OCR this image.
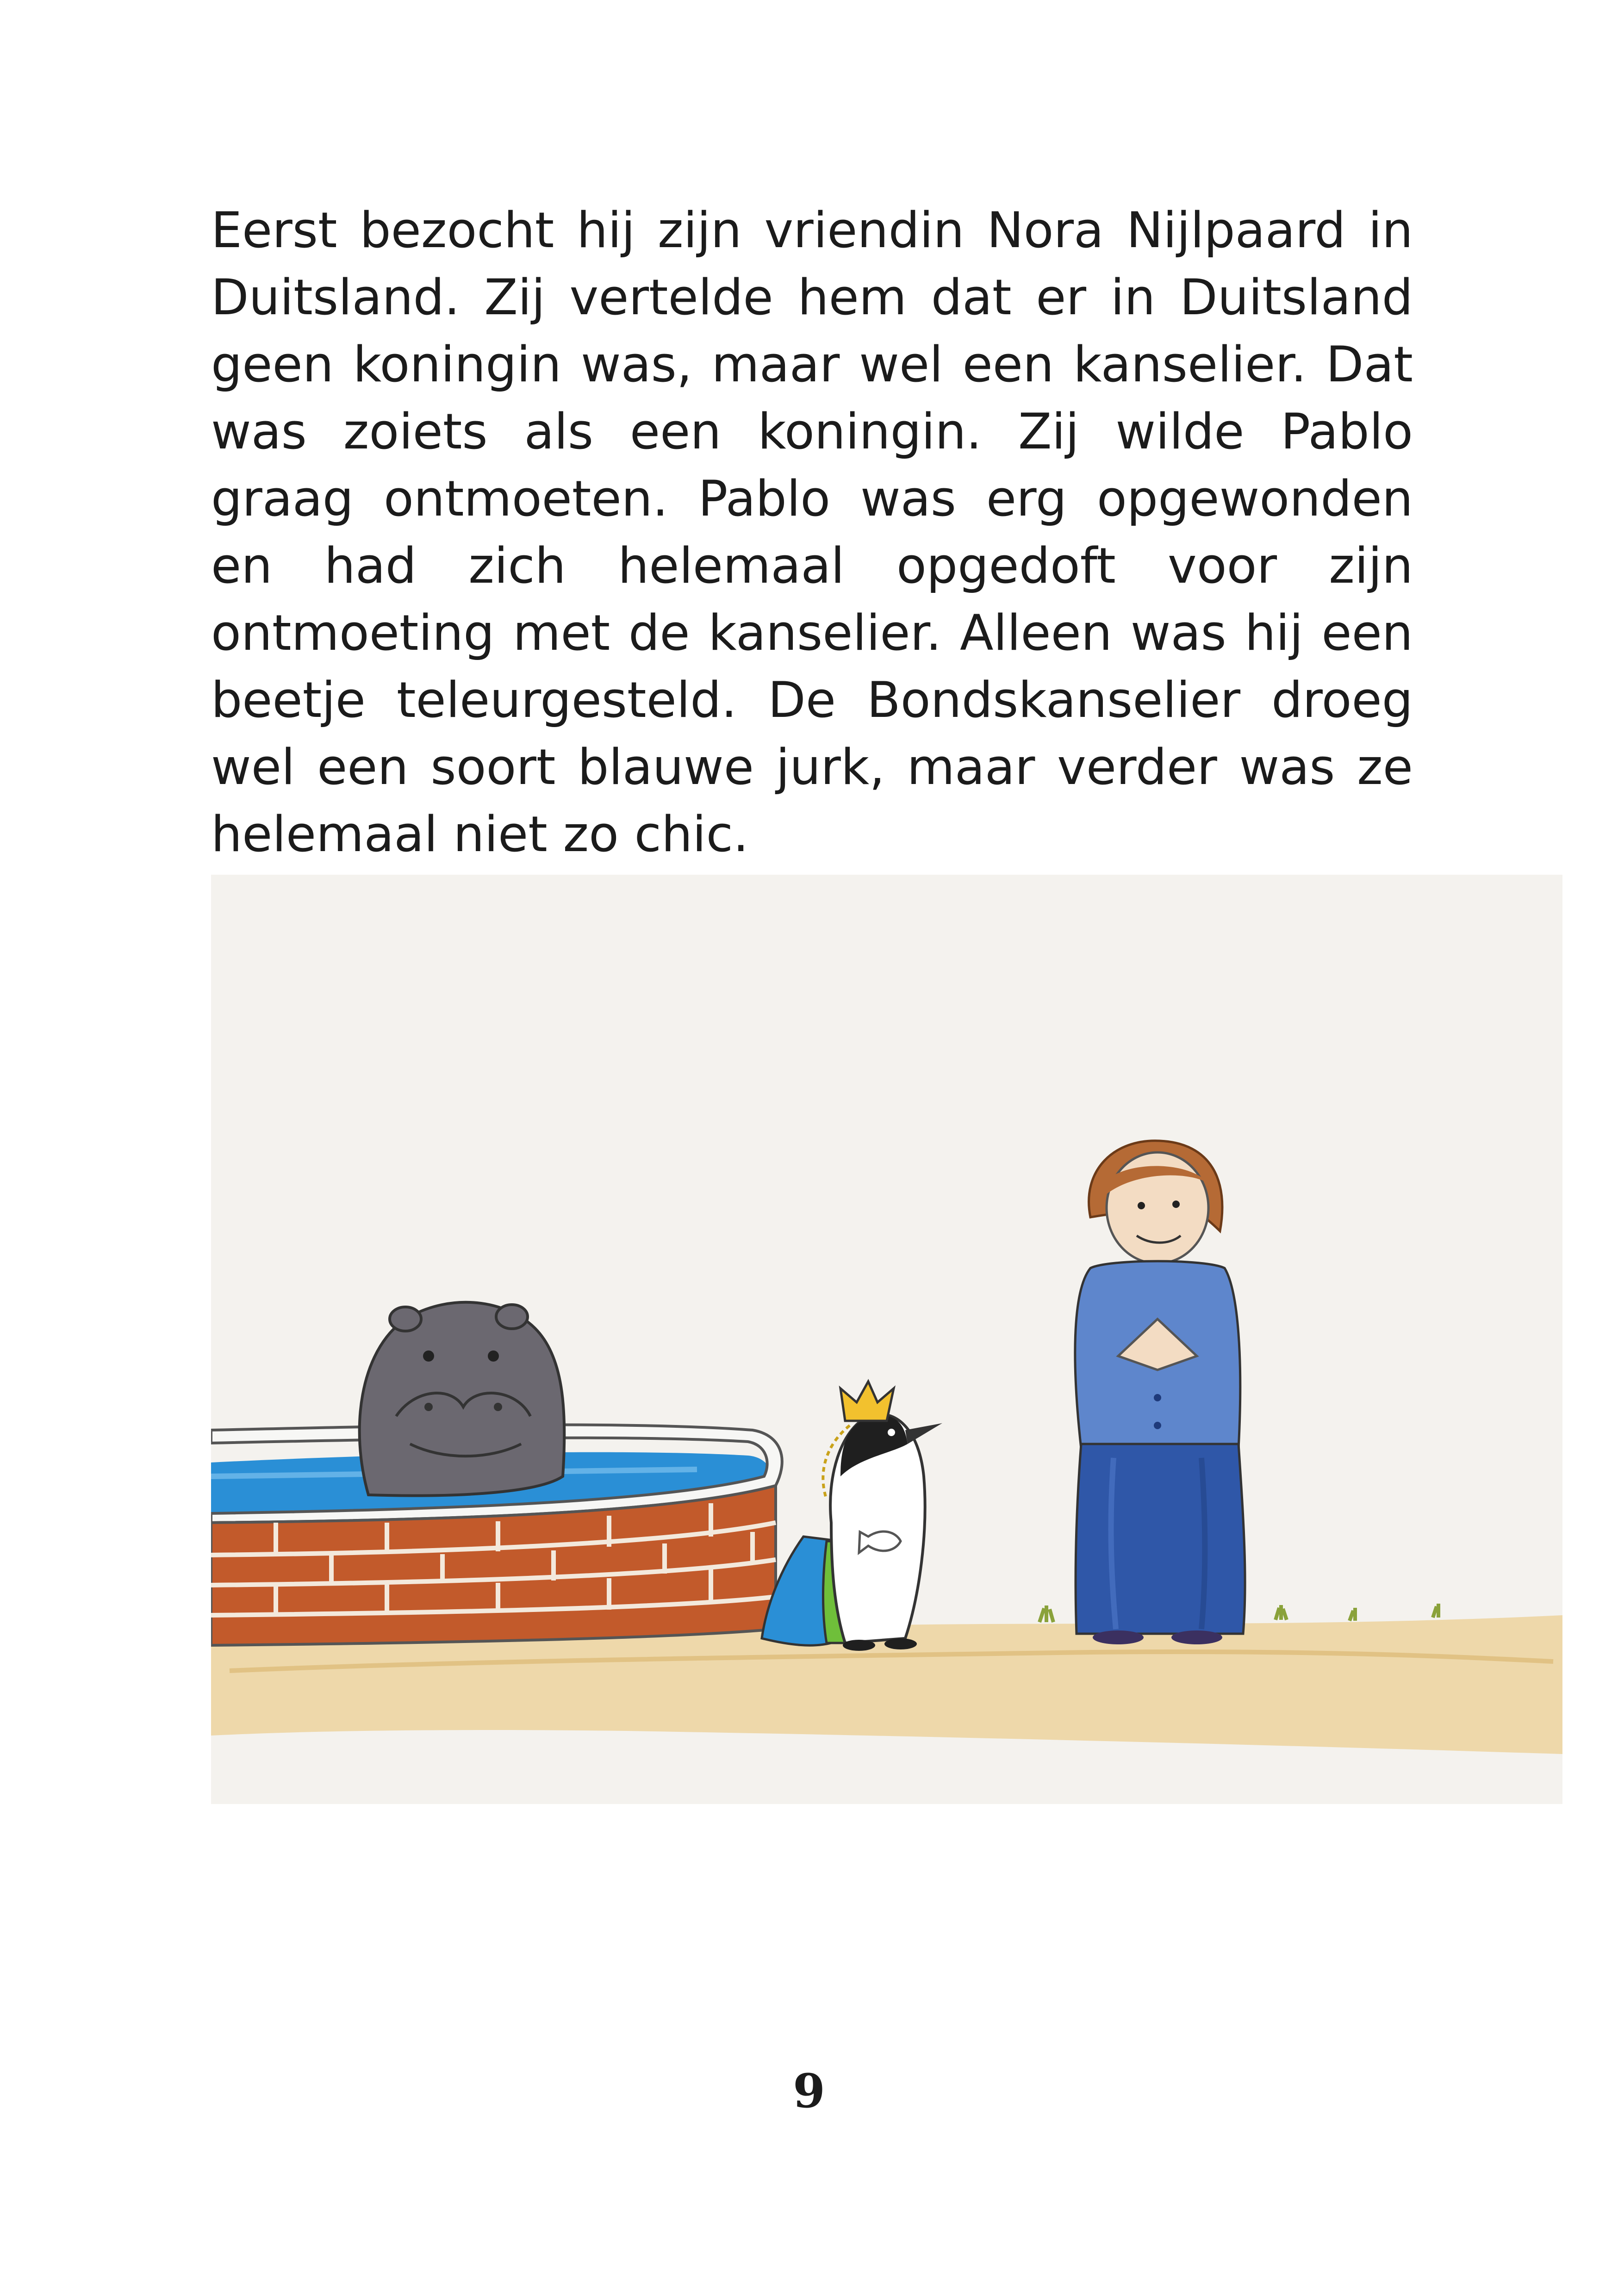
Eerst bezocht hij zijn vriendin Nora Nijlpaard in Duitsland. Zij vertelde hem dat er in Duitsland geen koningin was, maar wel een kanselier. Dat was zoiets als een koningin. Zij wilde Pablo graag ontmoeten. Pablo was erg opgewonden en had zich helemaal opgedoft voor zijn ontmoeting met de kanselier. Alleen was hij een beetje teleurgesteld. De Bondskanselier droeg wel een soort blauwe jurk, maar verder was ze helemaal niet zo chic.

9
